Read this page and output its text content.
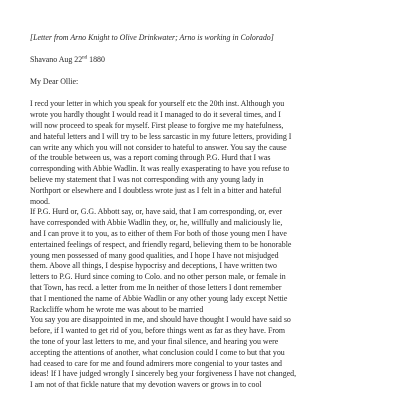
[Letter from Arno Knight to Olive Drinkwater; Arno is working in Colorado]
Shavano Aug 22nd 1880
My Dear Ollie:

I recd your letter in which you speak for yourself etc the 20th inst. Although you
wrote you hardly thought I would read it I managed to do it several times, and I
will now proceed to speak for myself. First please to forgive me my hatefulness,
and hateful letters and I will try to be less sarcastic in my future letters, providing I
can write any which you will not consider to hateful to answer. You say the cause
of the trouble between us, was a report coming through P.G. Hurd that I was
corresponding with Abbie Wadlin. It was really exasperating to have you refuse to
believe my statement that I was not corresponding with any young lady in
Northport or elsewhere and I doubtless wrote just as I felt in a bitter and hateful
mood.

If P.G. Hurd or, G.G. Abbott say, or, have said, that I am corresponding, or, ever
have corresponded with Abbie Wadlin they, or, he, willfully and maliciously lie,
and I can prove it to you, as to either of them For both of those young men I have
entertained feelings of respect, and friendly regard, believing them to be honorable
young men possessed of many good qualities, and I hope I have not misjudged
them. Above all things, I despise hypocrisy and deceptions, I have written two
letters to P.G. Hurd since coming to Colo. and no other person male, or female in
that Town, has recd. a letter from me In neither of those letters I dont remember
that I mentioned the name of Abbie Wadlin or any other young lady except Nettie
Rackcliffe whom he wrote me was about to be married

You say you are disappointed in me, and should have thought I would have said so
before, if I wanted to get rid of you, before things went as far as they have. From
the tone of your last letters to me, and your final silence, and hearing you were
accepting the attentions of another, what conclusion could I come to but that you
had ceased to care for me and found admirers more congenial to your tastes and
ideas! If I have judged wrongly I sincerely beg your forgiveness I have not changed,
I am not of that fickle nature that my devotion wavers or grows in to cool
